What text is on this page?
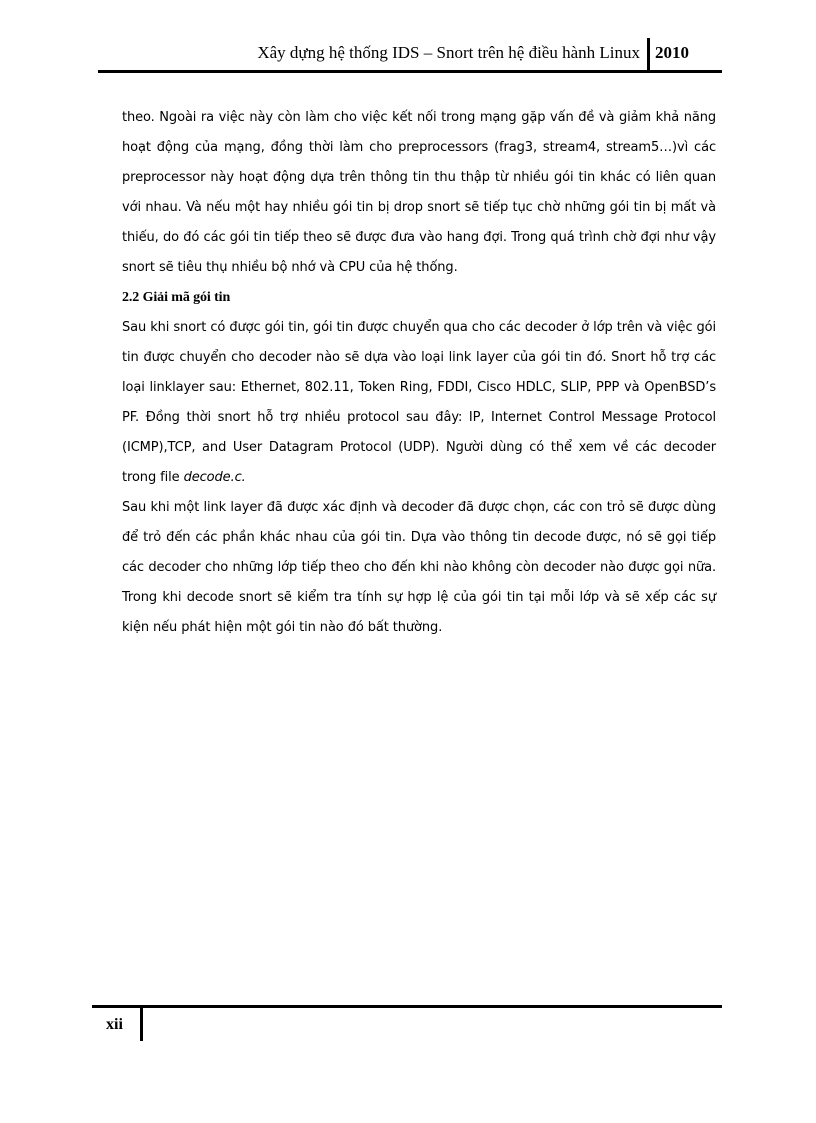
Xây dựng hệ thống IDS – Snort trên hệ điều hành Linux 2010

theo. Ngoài ra việc này còn làm cho việc kết nối trong mạng gặp vấn đề và giảm khả năng hoạt động của mạng, đồng thời làm cho preprocessors (frag3, stream4, stream5…)vì các preprocessor này hoạt động dựa trên thông tin thu thập từ nhiều gói tin khác có liên quan với nhau. Và nếu một hay nhiều gói tin bị drop snort sẽ tiếp tục chờ những gói tin bị mất và thiếu, do đó các gói tin tiếp theo sẽ được đưa vào hang đợi. Trong quá trình chờ đợi như vậy snort sẽ tiêu thụ nhiều bộ nhớ và CPU của hệ thống.

2.2 Giải mã gói tin

Sau khi snort có được gói tin, gói tin được chuyển qua cho các decoder ở lớp trên và việc gói tin được chuyển cho decoder nào sẽ dựa vào loại link layer của gói tin đó. Snort hỗ trợ các loại linklayer sau: Ethernet, 802.11, Token Ring, FDDI, Cisco HDLC, SLIP, PPP và OpenBSD’s PF. Đồng thời snort hỗ trợ nhiều protocol sau đây: IP, Internet Control Message Protocol (ICMP),TCP, and User Datagram Protocol (UDP). Người dùng có thể xem về các decoder trong file decode.c.

Sau khi một link layer đã được xác định và decoder đã được chọn, các con trỏ sẽ được dùng để trỏ đến các phần khác nhau của gói tin. Dựa vào thông tin decode được, nó sẽ gọi tiếp các decoder cho những lớp tiếp theo cho đến khi nào không còn decoder nào được gọi nữa. Trong khi decode snort sẽ kiểm tra tính sự hợp lệ của gói tin tại mỗi lớp và sẽ xếp các sự kiện nếu phát hiện một gói tin nào đó bất thường.

xii
